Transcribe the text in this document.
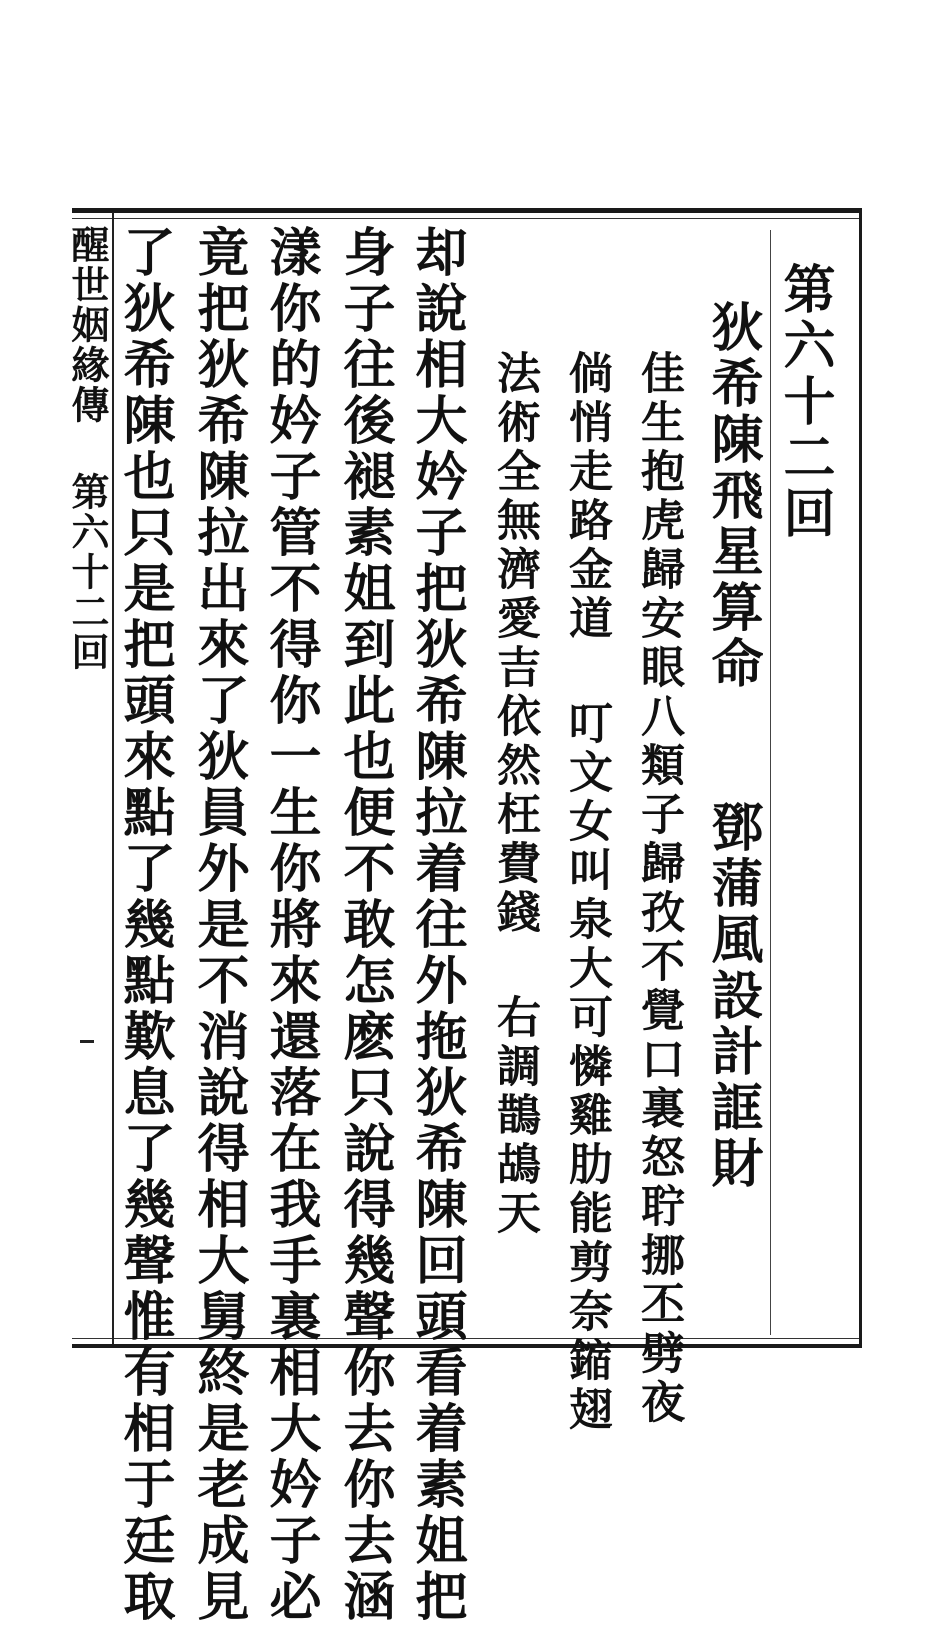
第六十二回
狄希陳飛星算命
鄧蒲風設計誆財
佳生抱虎歸安眼八類子歸孜不覺口裏怒聍挪丕劈夜
倘悄走路金道 叮文女叫泉大可憐雞肋能剪奈鏥翅
法術全無濟愛吉依然枉費錢 右調鵲鴣天
却說相大妗子把狄希陳拉着往外拖狄希陳回頭看着素姐把
身子往後褪素姐到此也便不敢怎麽只說得幾聲你去你去涵
漾你的妗子管不得你一生你將來還落在我手裏相大妗子必
竟把狄希陳拉出來了狄員外是不消說得相大舅終是老成見
了狄希陳也只是把頭來點了幾點歎息了幾聲惟有相于廷取
醒世姻緣傳 第六十二回
